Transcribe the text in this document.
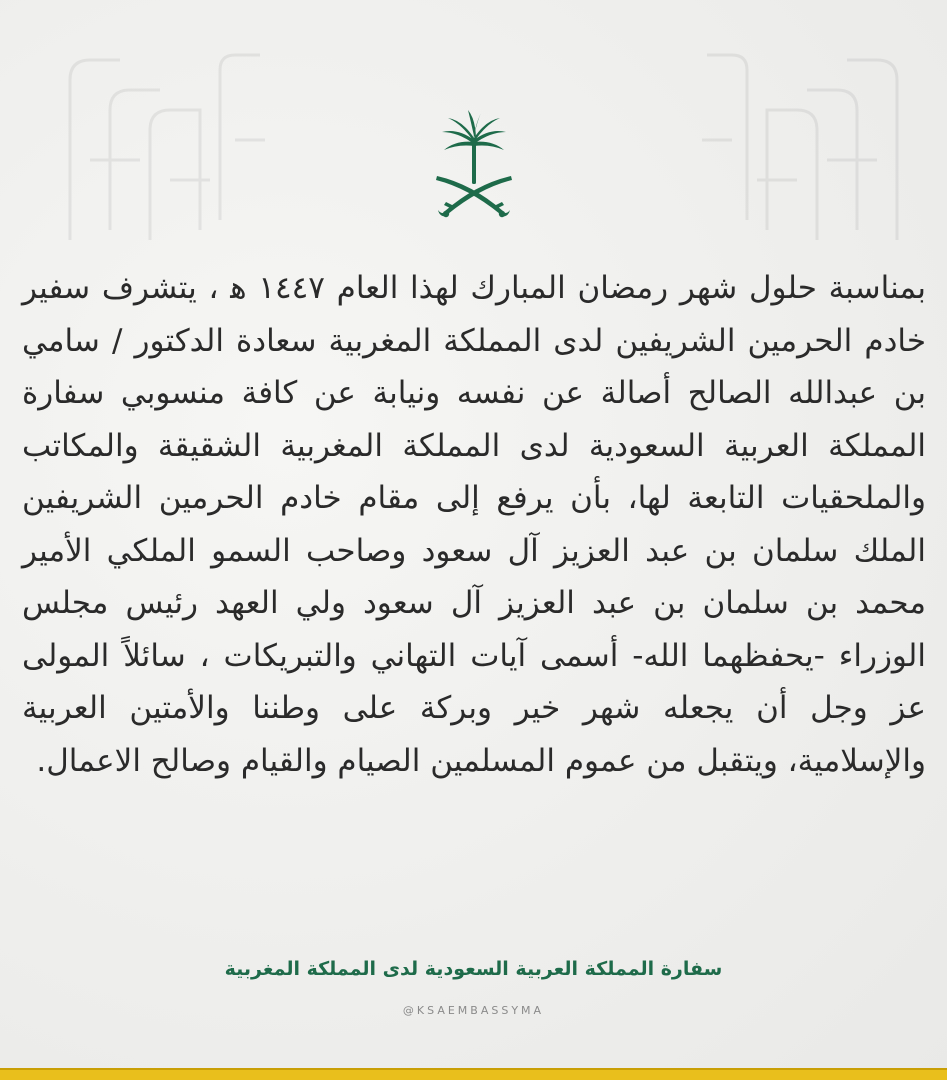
بمناسبة حلول شهر رمضان المبارك لهذا العام ١٤٤٧ ﻫ ، يتشرف سفير خادم الحرمين الشريفين لدى المملكة المغربية سعادة الدكتور / سامي بن عبدالله الصالح أصالة عن نفسه ونيابة عن كافة منسوبي سفارة المملكة العربية السعودية لدى المملكة المغربية الشقيقة والمكاتب والملحقيات التابعة لها، بأن يرفع إلى مقام خادم الحرمين الشريفين الملك سلمان بن عبد العزيز آل سعود وصاحب السمو الملكي الأمير محمد بن سلمان بن عبد العزيز آل سعود ولي العهد رئيس مجلس الوزراء -يحفظهما الله- أسمى آيات التهاني والتبريكات ، سائلاً المولى عز وجل أن يجعله شهر خير وبركة على وطننا والأمتين العربية والإسلامية، ويتقبل من عموم المسلمين الصيام والقيام وصالح الاعمال.

سفارة المملكة العربية السعودية لدى المملكة المغربية
@KSAEMBASSYMA
